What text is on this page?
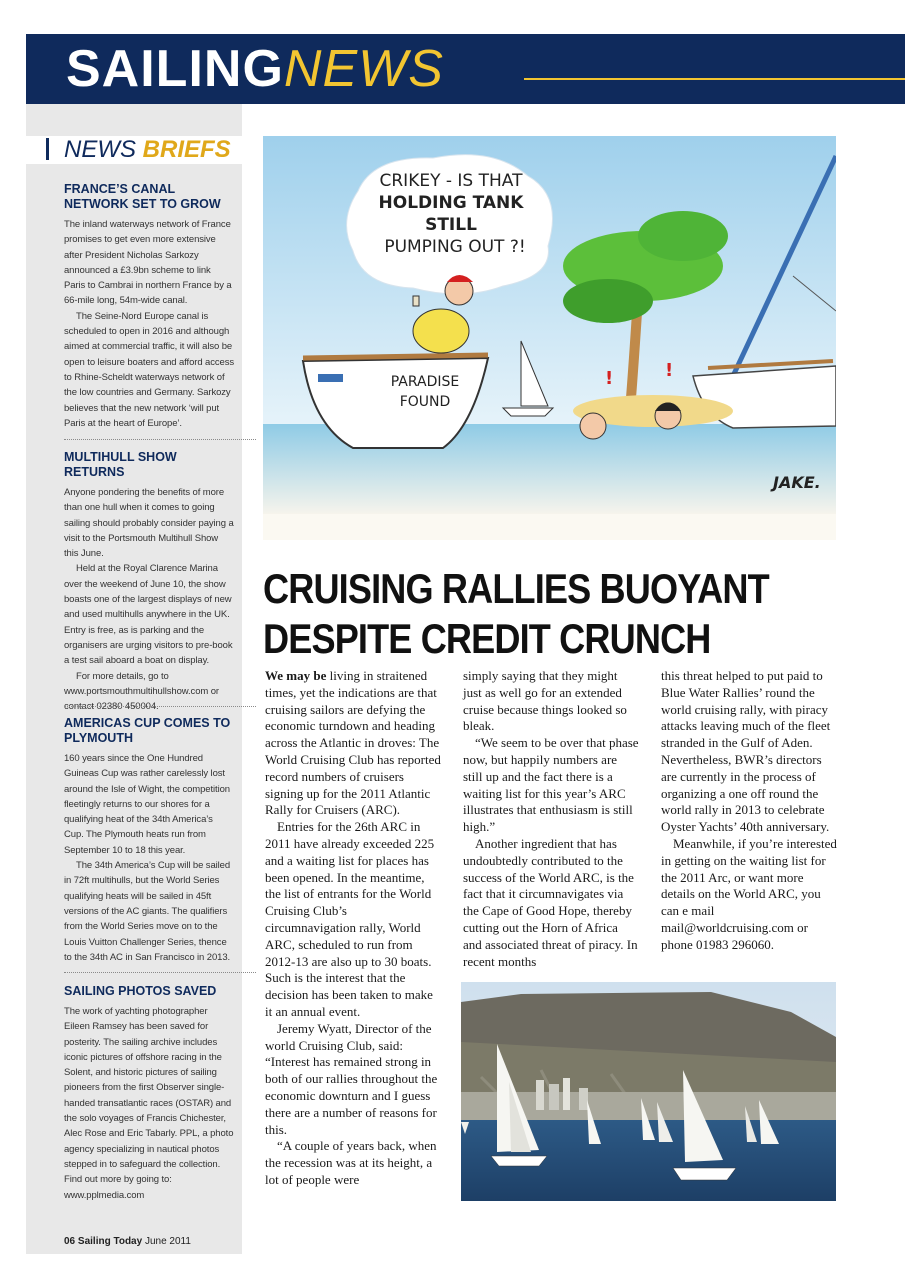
SAILINGNEWS
NEWS BRIEFS
FRANCE’S CANAL NETWORK SET TO GROW

The inland waterways network of France promises to get even more extensive after President Nicholas Sarkozy announced a £3.9bn scheme to link Paris to Cambrai in northern France by a 66-mile long, 54m-wide canal.

The Seine-Nord Europe canal is scheduled to open in 2016 and although aimed at commercial traffic, it will also be open to leisure boaters and afford access to Rhine-Scheldt waterways network of the low countries and Germany. Sarkozy believes that the new network ‘will put Paris at the heart of Europe’.

MULTIHULL SHOW RETURNS

Anyone pondering the benefits of more than one hull when it comes to going sailing should probably consider paying a visit to the Portsmouth Multihull Show this June.

Held at the Royal Clarence Marina over the weekend of June 10, the show boasts one of the largest displays of new and used multihulls anywhere in the UK. Entry is free, as is parking and the organisers are urging visitors to pre-book a test sail aboard a boat on display.

For more details, go to www.portsmouthmultihullshow.com or contact 02380 450004.

AMERICAS CUP COMES TO PLYMOUTH

160 years since the One Hundred Guineas Cup was rather carelessly lost around the Isle of Wight, the competition fleetingly returns to our shores for a qualifying heat of the 34th America’s Cup. The Plymouth heats run from September 10 to 18 this year.

The 34th America’s Cup will be sailed in 72ft multihulls, but the World Series qualifying heats will be sailed in 45ft versions of the AC giants. The qualifiers from the World Series move on to the Louis Vuitton Challenger Series, thence to the 34th AC in San Francisco in 2013.

SAILING PHOTOS SAVED

The work of yachting photographer Eileen Ramsey has been saved for posterity. The sailing archive includes iconic pictures of offshore racing in the Solent, and historic pictures of sailing pioneers from the first Observer single-handed transatlantic races (OSTAR) and the solo voyages of Francis Chichester, Alec Rose and Eric Tabarly. PPL, a photo agency specializing in nautical photos stepped in to safeguard the collection. Find out more by going to: www.pplmedia.com

06 Sailing Today June 2011
CRIKEY - IS THAT
HOLDING TANK
STILL
PUMPING OUT ?!
!	!
PARADISE
FOUND
JAKE.
CRUISING RALLIES BUOYANT
DESPITE CREDIT CRUNCH

We may be living in straitened times, yet the indications are that cruising sailors are defying the economic turndown and heading across the Atlantic in droves: The World Cruising Club has reported record numbers of cruisers signing up for the 2011 Atlantic Rally for Cruisers (ARC).

Entries for the 26th ARC in 2011 have already exceeded 225 and a waiting list for places has been opened. In the meantime, the list of entrants for the World Cruising Club’s circumnavigation rally, World ARC, scheduled to run from 2012-13 are also up to 30 boats. Such is the interest that the decision has been taken to make it an annual event.

Jeremy Wyatt, Director of the world Cruising Club, said: “Interest has remained strong in both of our rallies throughout the economic downturn and I guess there are a number of reasons for this.

“A couple of years back, when the recession was at its height, a lot of people were

simply saying that they might just as well go for an extended cruise because things looked so bleak.

“We seem to be over that phase now, but happily numbers are still up and the fact there is a waiting list for this year’s ARC illustrates that enthusiasm is still high.”

Another ingredient that has undoubtedly contributed to the success of the World ARC, is the fact that it circumnavigates via the Cape of Good Hope, thereby cutting out the Horn of Africa and associated threat of piracy. In recent months

this threat helped to put paid to Blue Water Rallies’ round the world cruising rally, with piracy attacks leaving much of the fleet stranded in the Gulf of Aden. Nevertheless, BWR’s directors are currently in the process of organizing a one off round the world rally in 2013 to celebrate Oyster Yachts’ 40th anniversary.

Meanwhile, if you’re interested in getting on the waiting list for the 2011 Arc, or want more details on the World ARC, you can e mail mail@worldcruising.com or phone 01983 296060.
